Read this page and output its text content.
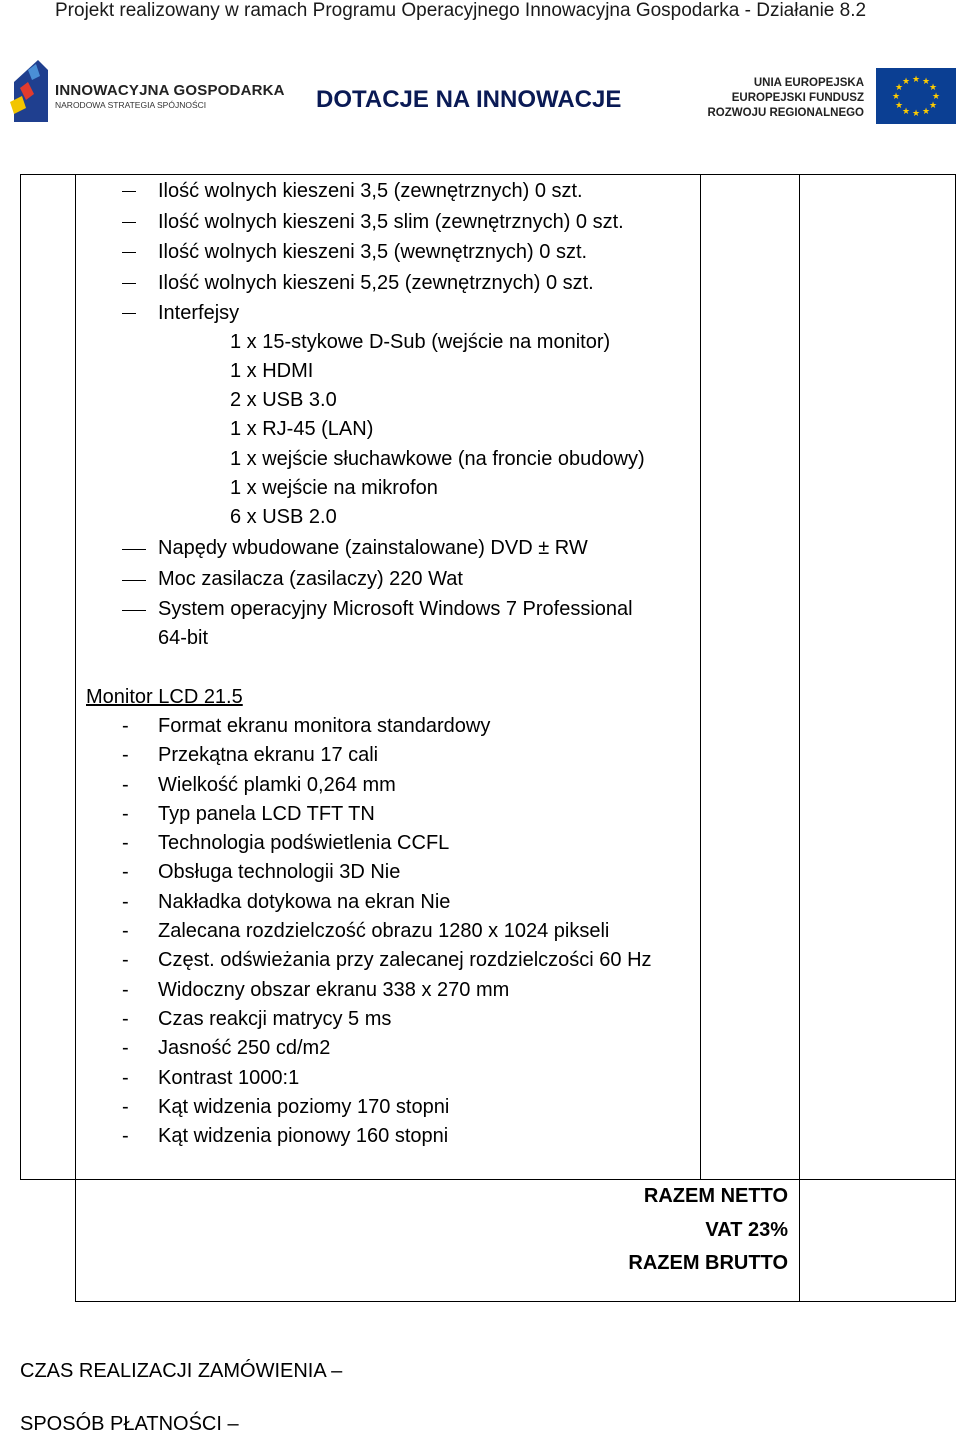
Projekt realizowany w ramach Programu Operacyjnego Innowacyjna Gospodarka - Działanie 8.2
INNOWACYJNA GOSPODARKA
NARODOWA STRATEGIA SPÓJNOŚCI	DOTACJE NA INNOWACJE
UNIA EUROPEJSKA
EUROPEJSKI FUNDUSZ
ROZWOJU REGIONALNEGO
★ ★
★
★
★
★
★
★
★
★
★
★
Ilość wolnych kieszeni 3,5 (zewnętrznych) 0 szt.
Ilość wolnych kieszeni 3,5 slim (zewnętrznych) 0 szt.
Ilość wolnych kieszeni 3,5 (wewnętrznych) 0 szt.
Ilość wolnych kieszeni 5,25 (zewnętrznych) 0 szt.
Interfejsy
1 x 15-stykowe D-Sub (wejście na monitor)
1 x HDMI
2 x USB 3.0
1 x RJ-45 (LAN)
1 x wejście słuchawkowe (na froncie obudowy)
1 x wejście na mikrofon
6 x USB 2.0
Napędy wbudowane (zainstalowane) DVD ± RW
Moc zasilacza (zasilaczy) 220 Wat
System operacyjny Microsoft Windows 7 Professional
64-bit
Monitor LCD 21.5
- Format ekranu monitora standardowy
- Przekątna ekranu 17 cali
- Wielkość plamki 0,264 mm
- Typ panela LCD TFT TN
- Technologia podświetlenia CCFL
- Obsługa technologii 3D Nie
- Nakładka dotykowa na ekran Nie
- Zalecana rozdzielczość obrazu 1280 x 1024 pikseli
- Częst. odświeżania przy zalecanej rozdzielczości 60 Hz
- Widoczny obszar ekranu 338 x 270 mm
- Czas reakcji matrycy 5 ms
- Jasność 250 cd/m2
- Kontrast 1000:1
- Kąt widzenia poziomy 170 stopni
- Kąt widzenia pionowy 160 stopni
RAZEM NETTO
VAT 23%
RAZEM BRUTTO
CZAS REALIZACJI ZAMÓWIENIA –
SPOSÓB PŁATNOŚCI –
